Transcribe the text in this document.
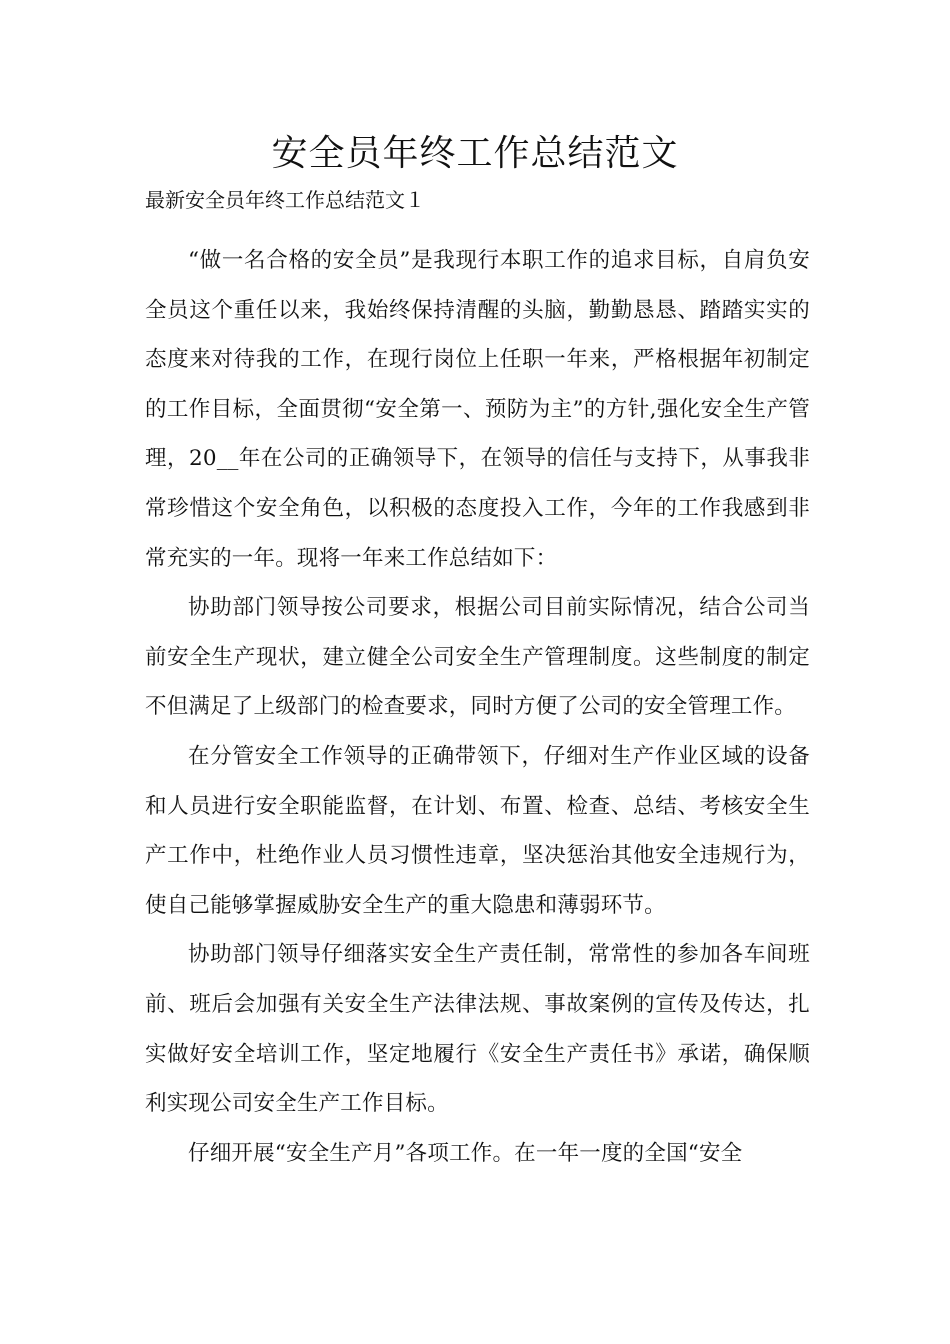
安全员年终工作总结范文

最新安全员年终工作总结范文１

“做一名合格的安全员”是我现行本职工作的追求目标，自肩负安全员这个重任以来，我始终保持清醒的头脑，勤勤恳恳、踏踏实实的态度来对待我的工作，在现行岗位上任职一年来，严格根据年初制定的工作目标，全面贯彻“安全第一、预防为主”的方针,强化安全生产管理，20__年在公司的正确领导下，在领导的信任与支持下，从事我非常珍惜这个安全角色，以积极的态度投入工作，今年的工作我感到非常充实的一年。现将一年来工作总结如下：

协助部门领导按公司要求，根据公司目前实际情况，结合公司当前安全生产现状，建立健全公司安全生产管理制度。这些制度的制定不但满足了上级部门的检查要求，同时方便了公司的安全管理工作。

在分管安全工作领导的正确带领下，仔细对生产作业区域的设备和人员进行安全职能监督，在计划、布置、检查、总结、考核安全生产工作中，杜绝作业人员习惯性违章，坚决惩治其他安全违规行为，使自己能够掌握威胁安全生产的重大隐患和薄弱环节。

协助部门领导仔细落实安全生产责任制，常常性的参加各车间班前、班后会加强有关安全生产法律法规、事故案例的宣传及传达，扎实做好安全培训工作，坚定地履行《安全生产责任书》承诺，确保顺利实现公司安全生产工作目标。

仔细开展“安全生产月”各项工作。在一年一度的全国“安全
